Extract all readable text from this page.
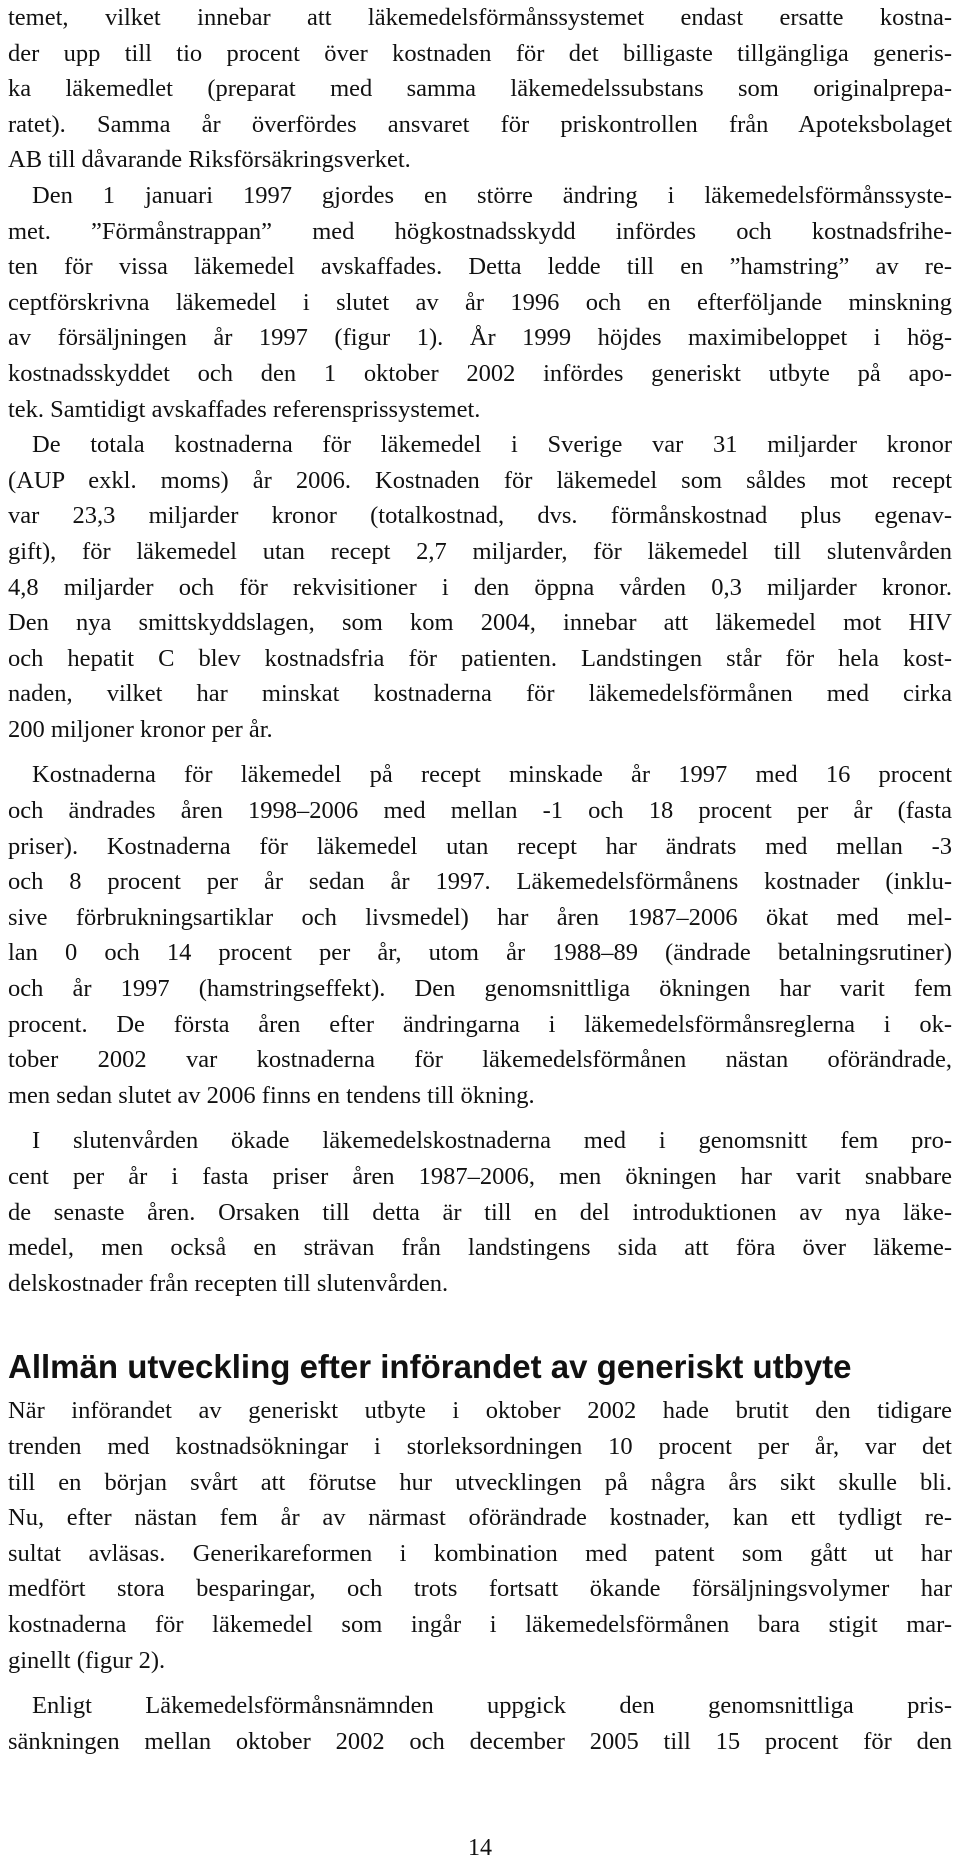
temet, vilket innebar att läkemedelsförmånssystemet endast ersatte kostna-
der upp till tio procent över kostnaden för det billigaste tillgängliga generis-
ka läkemedlet (preparat med samma läkemedelssubstans som originalprepa-
ratet). Samma år överfördes ansvaret för priskontrollen från Apoteksbolaget
AB till dåvarande Riksförsäkringsverket.
Den 1 januari 1997 gjordes en större ändring i läkemedelsförmånssyste-
met. ”Förmånstrappan” med högkostnadsskydd infördes och kostnadsfrihe-
ten för vissa läkemedel avskaffades. Detta ledde till en ”hamstring” av re-
ceptförskrivna läkemedel i slutet av år 1996 och en efterföljande minskning
av försäljningen år 1997 (figur 1). År 1999 höjdes maximibeloppet i hög-
kostnadsskyddet och den 1 oktober 2002 infördes generiskt utbyte på apo-
tek. Samtidigt avskaffades referensprissystemet.
De totala kostnaderna för läkemedel i Sverige var 31 miljarder kronor
(AUP exkl. moms) år 2006. Kostnaden för läkemedel som såldes mot recept
var 23,3 miljarder kronor (totalkostnad, dvs. förmånskostnad plus egenav-
gift), för läkemedel utan recept 2,7 miljarder, för läkemedel till slutenvården
4,8 miljarder och för rekvisitioner i den öppna vården 0,3 miljarder kronor.
Den nya smittskyddslagen, som kom 2004, innebar att läkemedel mot HIV
och hepatit C blev kostnadsfria för patienten. Landstingen står för hela kost-
naden, vilket har minskat kostnaderna för läkemedelsförmånen med cirka
200 miljoner kronor per år.
Kostnaderna för läkemedel på recept minskade år 1997 med 16 procent
och ändrades åren 1998–2006 med mellan -1 och 18 procent per år (fasta
priser). Kostnaderna för läkemedel utan recept har ändrats med mellan -3
och 8 procent per år sedan år 1997. Läkemedelsförmånens kostnader (inklu-
sive förbrukningsartiklar och livsmedel) har åren 1987–2006 ökat med mel-
lan 0 och 14 procent per år, utom år 1988–89 (ändrade betalningsrutiner)
och år 1997 (hamstringseffekt). Den genomsnittliga ökningen har varit fem
procent. De första åren efter ändringarna i läkemedelsförmånsreglerna i ok-
tober 2002 var kostnaderna för läkemedelsförmånen nästan oförändrade,
men sedan slutet av 2006 finns en tendens till ökning.
I slutenvården ökade läkemedelskostnaderna med i genomsnitt fem pro-
cent per år i fasta priser åren 1987–2006, men ökningen har varit snabbare
de senaste åren. Orsaken till detta är till en del introduktionen av nya läke-
medel, men också en strävan från landstingens sida att föra över läkeme-
delskostnader från recepten till slutenvården.
Allmän utveckling efter införandet av generiskt utbyte
När införandet av generiskt utbyte i oktober 2002 hade brutit den tidigare
trenden med kostnadsökningar i storleksordningen 10 procent per år, var det
till en början svårt att förutse hur utvecklingen på några års sikt skulle bli.
Nu, efter nästan fem år av närmast oförändrade kostnader, kan ett tydligt re-
sultat avläsas. Generikareformen i kombination med patent som gått ut har
medfört stora besparingar, och trots fortsatt ökande försäljningsvolymer har
kostnaderna för läkemedel som ingår i läkemedelsförmånen bara stigit mar-
ginellt (figur 2).
Enligt Läkemedelsförmånsnämnden uppgick den genomsnittliga pris-
sänkningen mellan oktober 2002 och december 2005 till 15 procent för den
14
